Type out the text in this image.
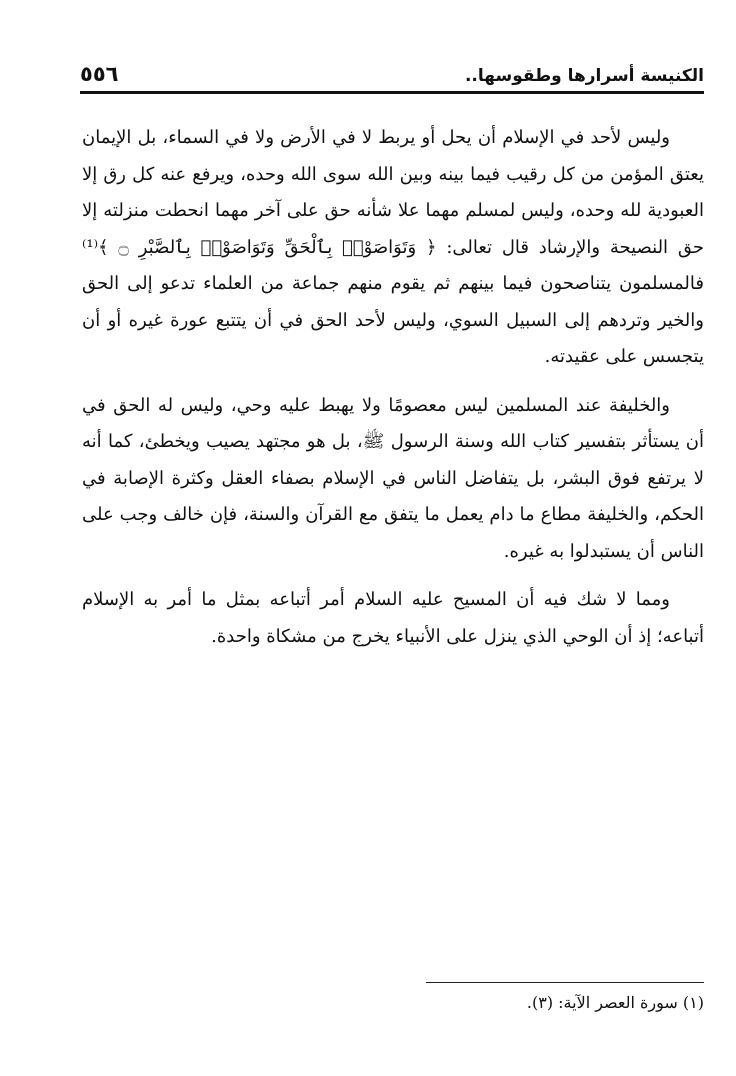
الكنيسة أسرارها وطقوسها..
٥٥٦

وليس لأحد في الإسلام أن يحل أو يربط لا في الأرض ولا في السماء، بل الإيمان يعتق المؤمن من كل رقيب فيما بينه وبين الله سوى الله وحده، ويرفع عنه كل رق إلا العبودية لله وحده، وليس لمسلم مهما علا شأنه حق على آخر مهما انحطت منزلته إلا حق النصيحة والإرشاد قال تعالى: ﴿ وَتَوَاصَوْا۟ بِٱلْحَقِّ وَتَوَاصَوْا۟ بِٱلصَّبْرِ ۝ ﴾⁽¹⁾ فالمسلمون يتناصحون فيما بينهم ثم يقوم منهم جماعة من العلماء تدعو إلى الحق والخير وتردهم إلى السبيل السوي، وليس لأحد الحق في أن يتتبع عورة غيره أو أن يتجسس على عقيدته.

والخليفة عند المسلمين ليس معصومًا ولا يهبط عليه وحي، وليس له الحق في أن يستأثر بتفسير كتاب الله وسنة الرسول ﷺ، بل هو مجتهد يصيب ويخطئ، كما أنه لا يرتفع فوق البشر، بل يتفاضل الناس في الإسلام بصفاء العقل وكثرة الإصابة في الحكم، والخليفة مطاع ما دام يعمل ما يتفق مع القرآن والسنة، فإن خالف وجب على الناس أن يستبدلوا به غيره.

ومما لا شك فيه أن المسيح عليه السلام أمر أتباعه بمثل ما أمر به الإسلام أتباعه؛ إذ أن الوحي الذي ينزل على الأنبياء يخرج من مشكاة واحدة.

(١) سورة العصر الآية: (٣).
